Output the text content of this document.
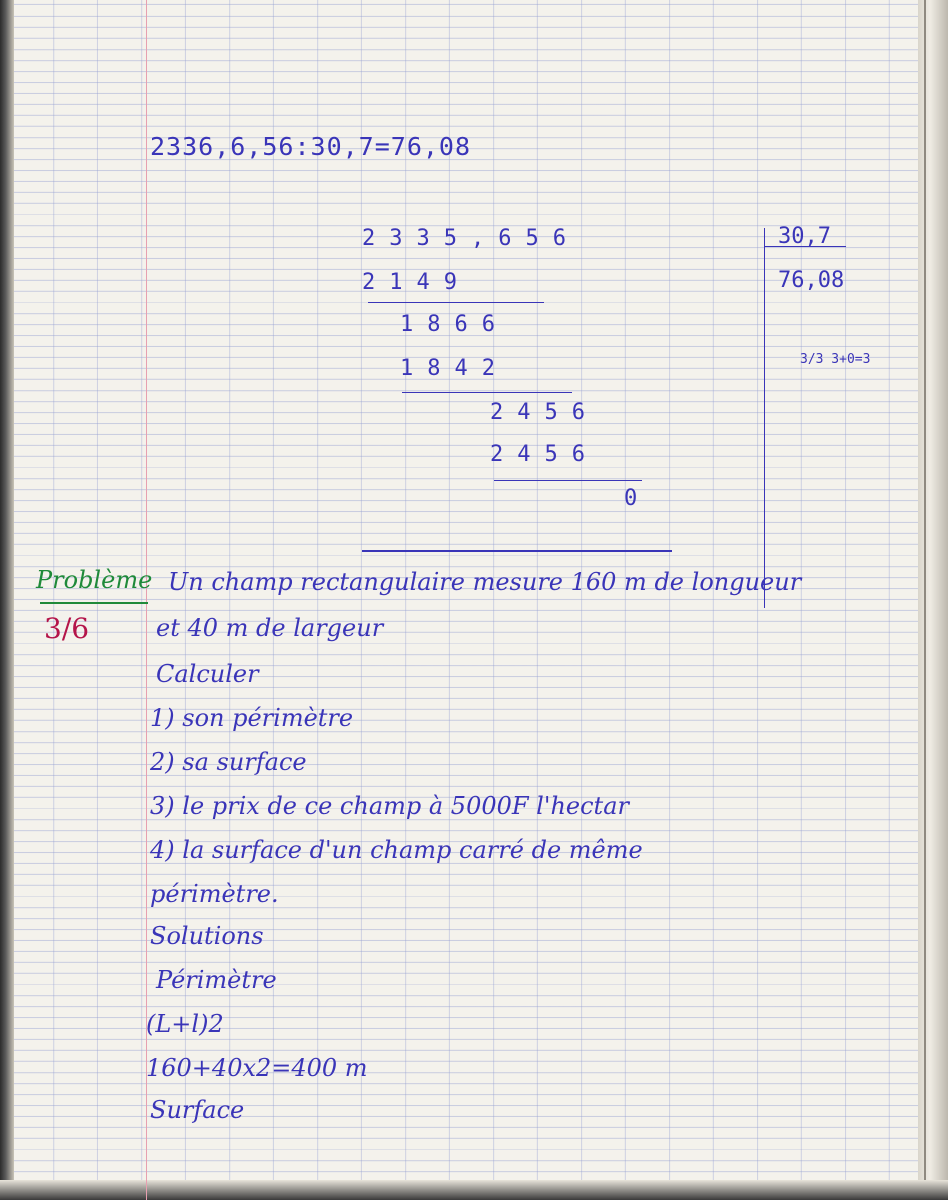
2336,6,56:30,7=76,08
2335,656
2149
1866
1842
2456
2456
0
30,7
76,08
3/3 3+0=3
Problème
3/6
Un champ rectangulaire mesure 160 m de longueur
et 40 m de largeur
Calculer
1) son périmètre
2) sa surface
3) le prix de ce champ à 5000F l'hectar
4) la surface d'un champ carré de même
périmètre.
Solutions
Périmètre
(L+l)2
160+40x2=400 m
Surface
